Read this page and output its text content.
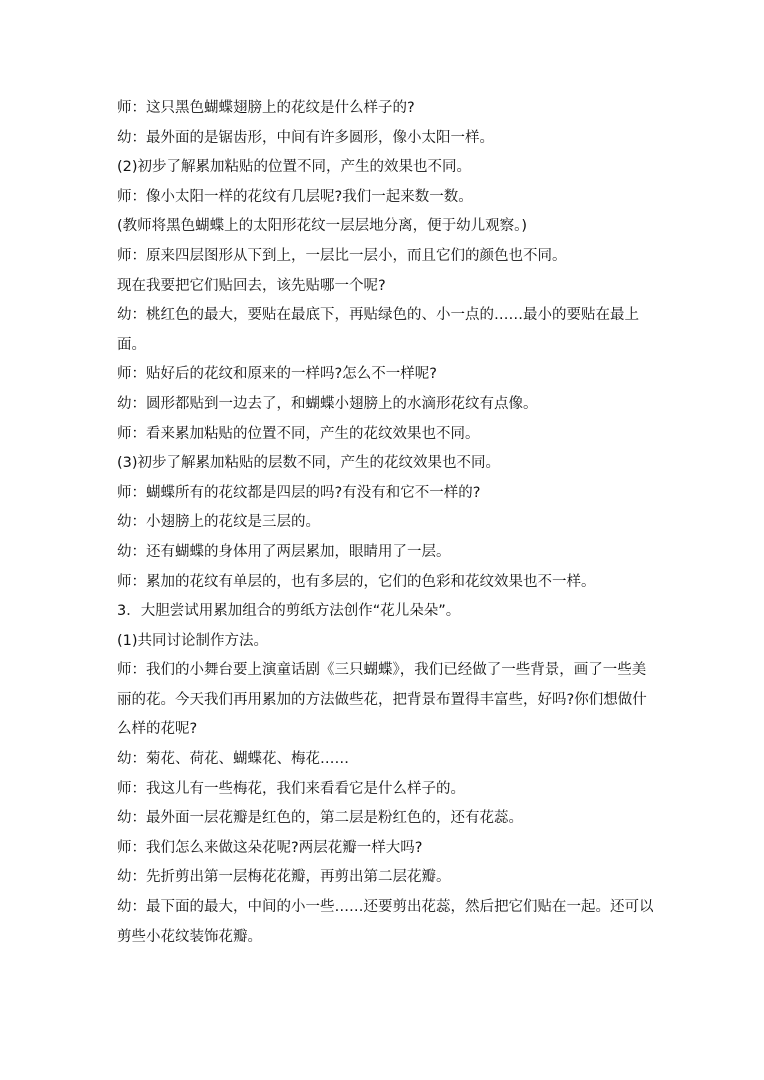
师：这只黑色蝴蝶翅膀上的花纹是什么样子的?

幼：最外面的是锯齿形，中间有许多圆形，像小太阳一样。

(2)初步了解累加粘贴的位置不同，产生的效果也不同。

师：像小太阳一样的花纹有几层呢?我们一起来数一数。

(教师将黑色蝴蝶上的太阳形花纹一层层地分离，便于幼儿观察。)

师：原来四层图形从下到上，一层比一层小，而且它们的颜色也不同。

现在我要把它们贴回去，该先贴哪一个呢?

幼：桃红色的最大，要贴在最底下，再贴绿色的、小一点的……最小的要贴在最上面。

师：贴好后的花纹和原来的一样吗?怎么不一样呢?

幼：圆形都贴到一边去了，和蝴蝶小翅膀上的水滴形花纹有点像。

师：看来累加粘贴的位置不同，产生的花纹效果也不同。

(3)初步了解累加粘贴的层数不同，产生的花纹效果也不同。

师：蝴蝶所有的花纹都是四层的吗?有没有和它不一样的?

幼：小翅膀上的花纹是三层的。

幼：还有蝴蝶的身体用了两层累加，眼睛用了一层。

师：累加的花纹有单层的，也有多层的，它们的色彩和花纹效果也不一样。

3．大胆尝试用累加组合的剪纸方法创作“花儿朵朵”。

(1)共同讨论制作方法。

师：我们的小舞台要上演童话剧《三只蝴蝶》，我们已经做了一些背景，画了一些美丽的花。今天我们再用累加的方法做些花，把背景布置得丰富些，好吗?你们想做什么样的花呢?

幼：菊花、荷花、蝴蝶花、梅花……

师：我这儿有一些梅花，我们来看看它是什么样子的。

幼：最外面一层花瓣是红色的，第二层是粉红色的，还有花蕊。

师：我们怎么来做这朵花呢?两层花瓣一样大吗?

幼：先折剪出第一层梅花花瓣，再剪出第二层花瓣。

幼：最下面的最大，中间的小一些……还要剪出花蕊，然后把它们贴在一起。还可以剪些小花纹装饰花瓣。
